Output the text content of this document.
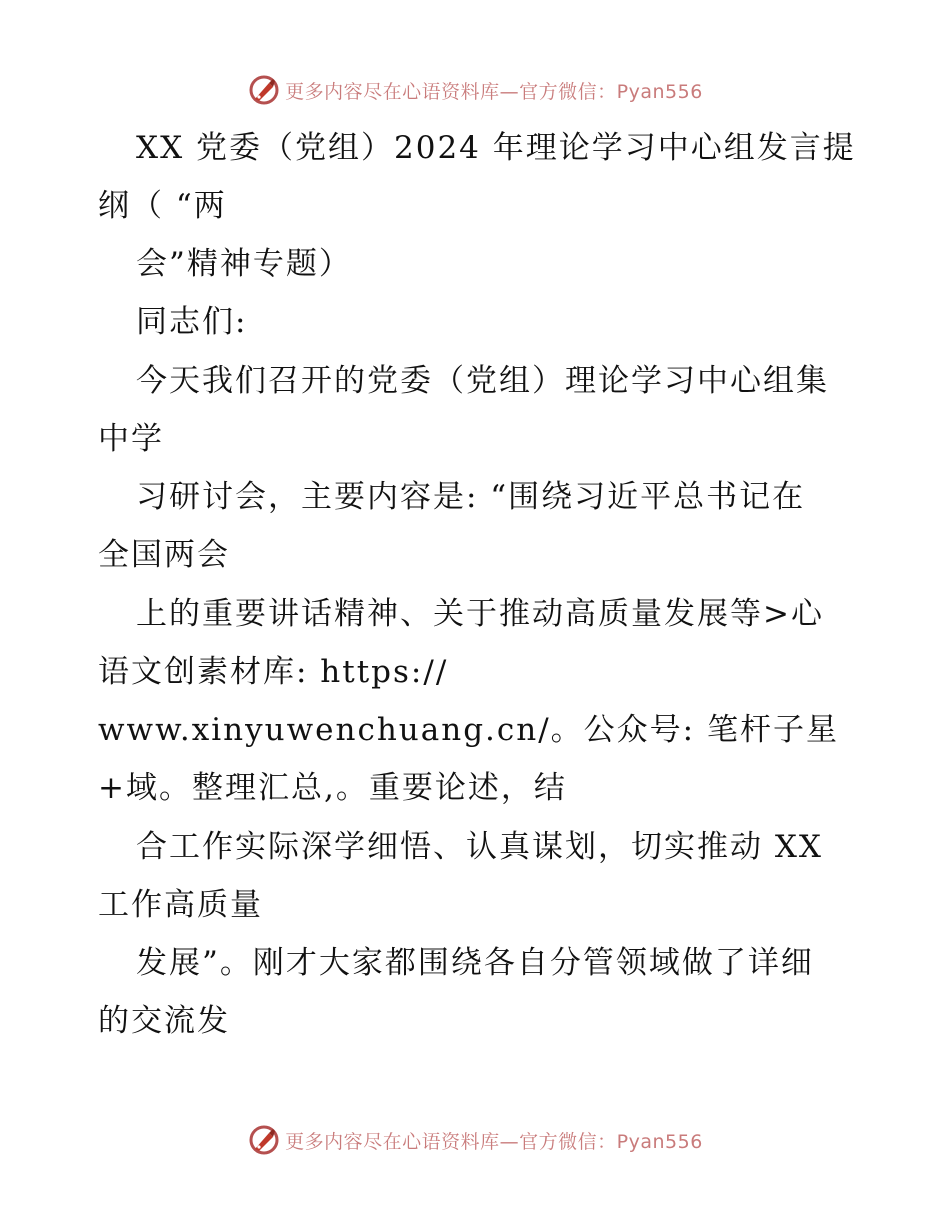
更多内容尽在心语资料库—官方微信：Pyan556
XX 党委（党组）2024 年理论学习中心组发言提
纲（ “两
会”精神专题）
同志们:
今天我们召开的党委（党组）理论学习中心组集
中学
习研讨会，主要内容是: “围绕习近平总书记在
全国两会
上的重要讲话精神、关于推动高质量发展等>心
语文创素材库: https://
www.xinyuwenchuang.cn/。公众号: 笔杆子星
+域。整理汇总,。重要论述，结
合工作实际深学细悟、认真谋划，切实推动 XX
工作高质量
发展”。刚才大家都围绕各自分管领域做了详细
的交流发
更多内容尽在心语资料库—官方微信：Pyan556
